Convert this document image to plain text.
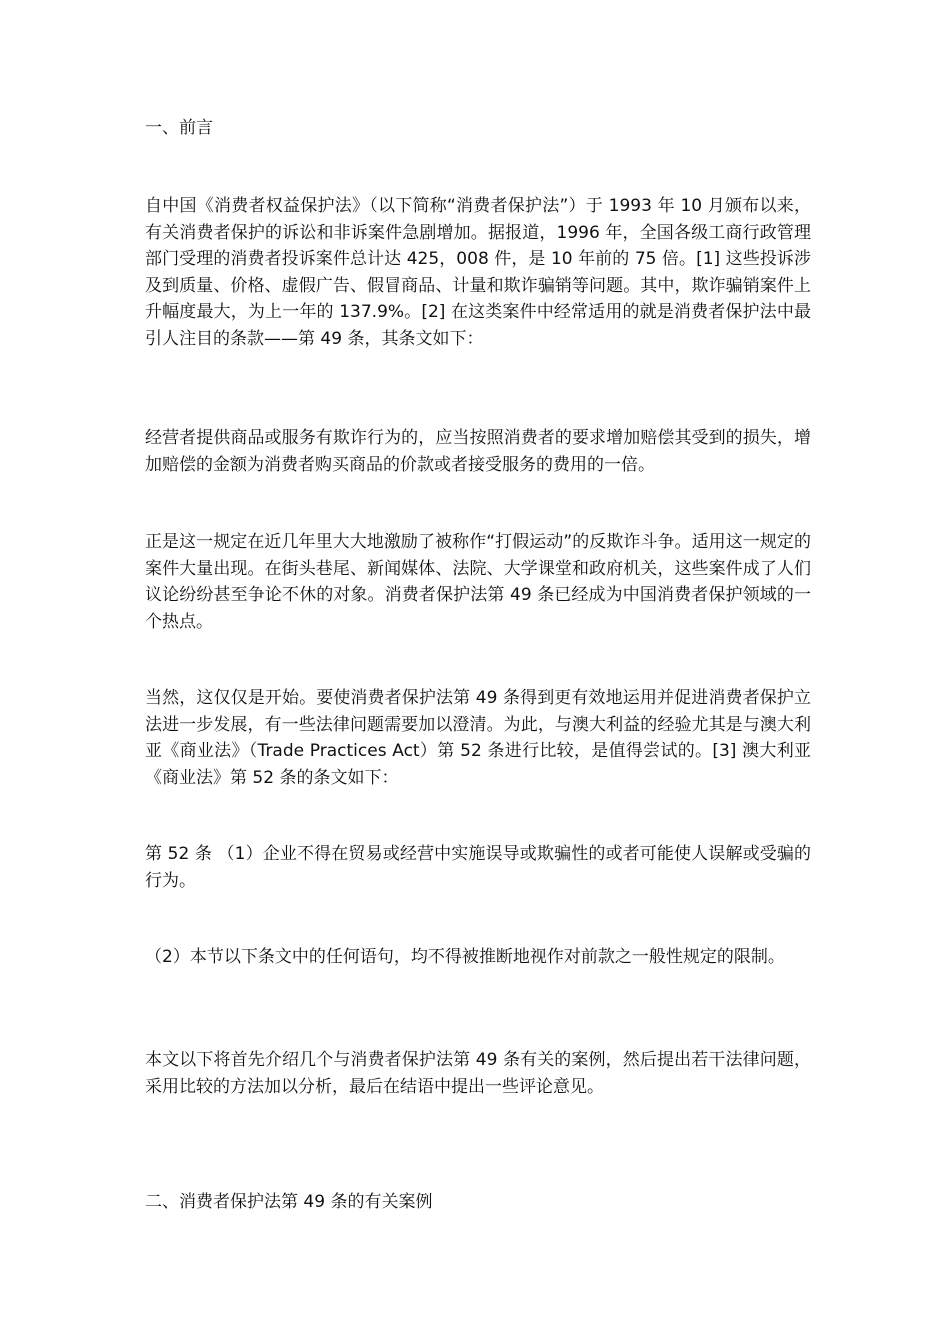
一、前言

自中国《消费者权益保护法》（以下简称“消费者保护法”）于 1993 年 10 月颁布以来，有关消费者保护的诉讼和非诉案件急剧增加。据报道，1996 年，全国各级工商行政管理部门受理的消费者投诉案件总计达 425，008 件，是 10 年前的 75 倍。[1] 这些投诉涉及到质量、价格、虚假广告、假冒商品、计量和欺诈骗销等问题。其中，欺诈骗销案件上升幅度最大，为上一年的 137.9%。[2] 在这类案件中经常适用的就是消费者保护法中最引人注目的条款——第 49 条，其条文如下：

经营者提供商品或服务有欺诈行为的，应当按照消费者的要求增加赔偿其受到的损失，增加赔偿的金额为消费者购买商品的价款或者接受服务的费用的一倍。

正是这一规定在近几年里大大地激励了被称作“打假运动”的反欺诈斗争。适用这一规定的案件大量出现。在街头巷尾、新闻媒体、法院、大学课堂和政府机关，这些案件成了人们议论纷纷甚至争论不休的对象。消费者保护法第 49 条已经成为中国消费者保护领域的一个热点。

当然，这仅仅是开始。要使消费者保护法第 49 条得到更有效地运用并促进消费者保护立法进一步发展，有一些法律问题需要加以澄清。为此，与澳大利益的经验尤其是与澳大利亚《商业法》（Trade Practices Act）第 52 条进行比较，是值得尝试的。[3] 澳大利亚《商业法》第 52 条的条文如下：

第 52 条 （1）企业不得在贸易或经营中实施误导或欺骗性的或者可能使人误解或受骗的行为。

（2）本节以下条文中的任何语句，均不得被推断地视作对前款之一般性规定的限制。

本文以下将首先介绍几个与消费者保护法第 49 条有关的案例，然后提出若干法律问题，采用比较的方法加以分析，最后在结语中提出一些评论意见。

二、消费者保护法第 49 条的有关案例
